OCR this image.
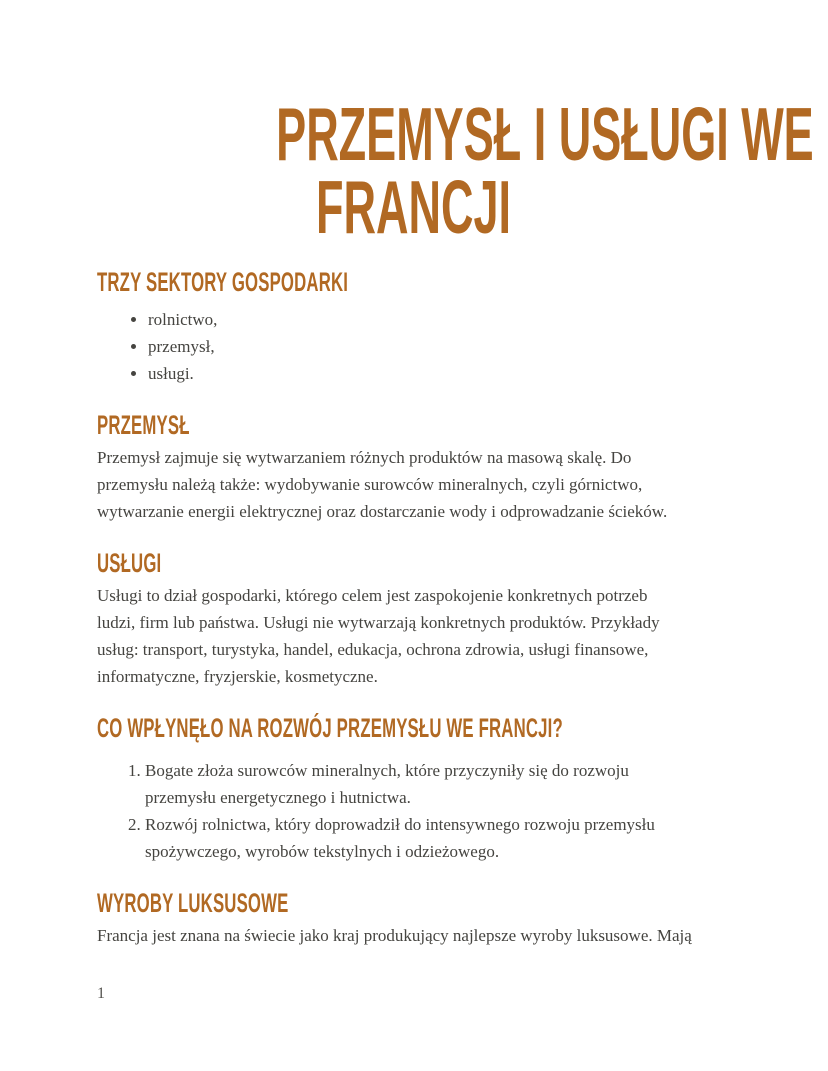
PRZEMYSŁ I USŁUGI WE
FRANCJI
TRZY SEKTORY GOSPODARKI
• rolnictwo,
• przemysł,
• usługi.
PRZEMYSŁ

Przemysł zajmuje się wytwarzaniem różnych produktów na masową skalę. Do
przemysłu należą także: wydobywanie surowców mineralnych, czyli górnictwo,
wytwarzanie energii elektrycznej oraz dostarczanie wody i odprowadzanie ścieków.

USŁUGI

Usługi to dział gospodarki, którego celem jest zaspokojenie konkretnych potrzeb
ludzi, firm lub państwa. Usługi nie wytwarzają konkretnych produktów. Przykłady
usług: transport, turystyka, handel, edukacja, ochrona zdrowia, usługi finansowe,
informatyczne, fryzjerskie, kosmetyczne.

CO WPŁYNĘŁO NA ROZWÓJ PRZEMYSŁU WE FRANCJI?
1. Bogate złoża surowców mineralnych, które przyczyniły się do rozwoju
przemysłu energetycznego i hutnictwa.
2. Rozwój rolnictwa, który doprowadził do intensywnego rozwoju przemysłu
spożywczego, wyrobów tekstylnych i odzieżowego.
WYROBY LUKSUSOWE

Francja jest znana na świecie jako kraj produkujący najlepsze wyroby luksusowe. Mają

1
